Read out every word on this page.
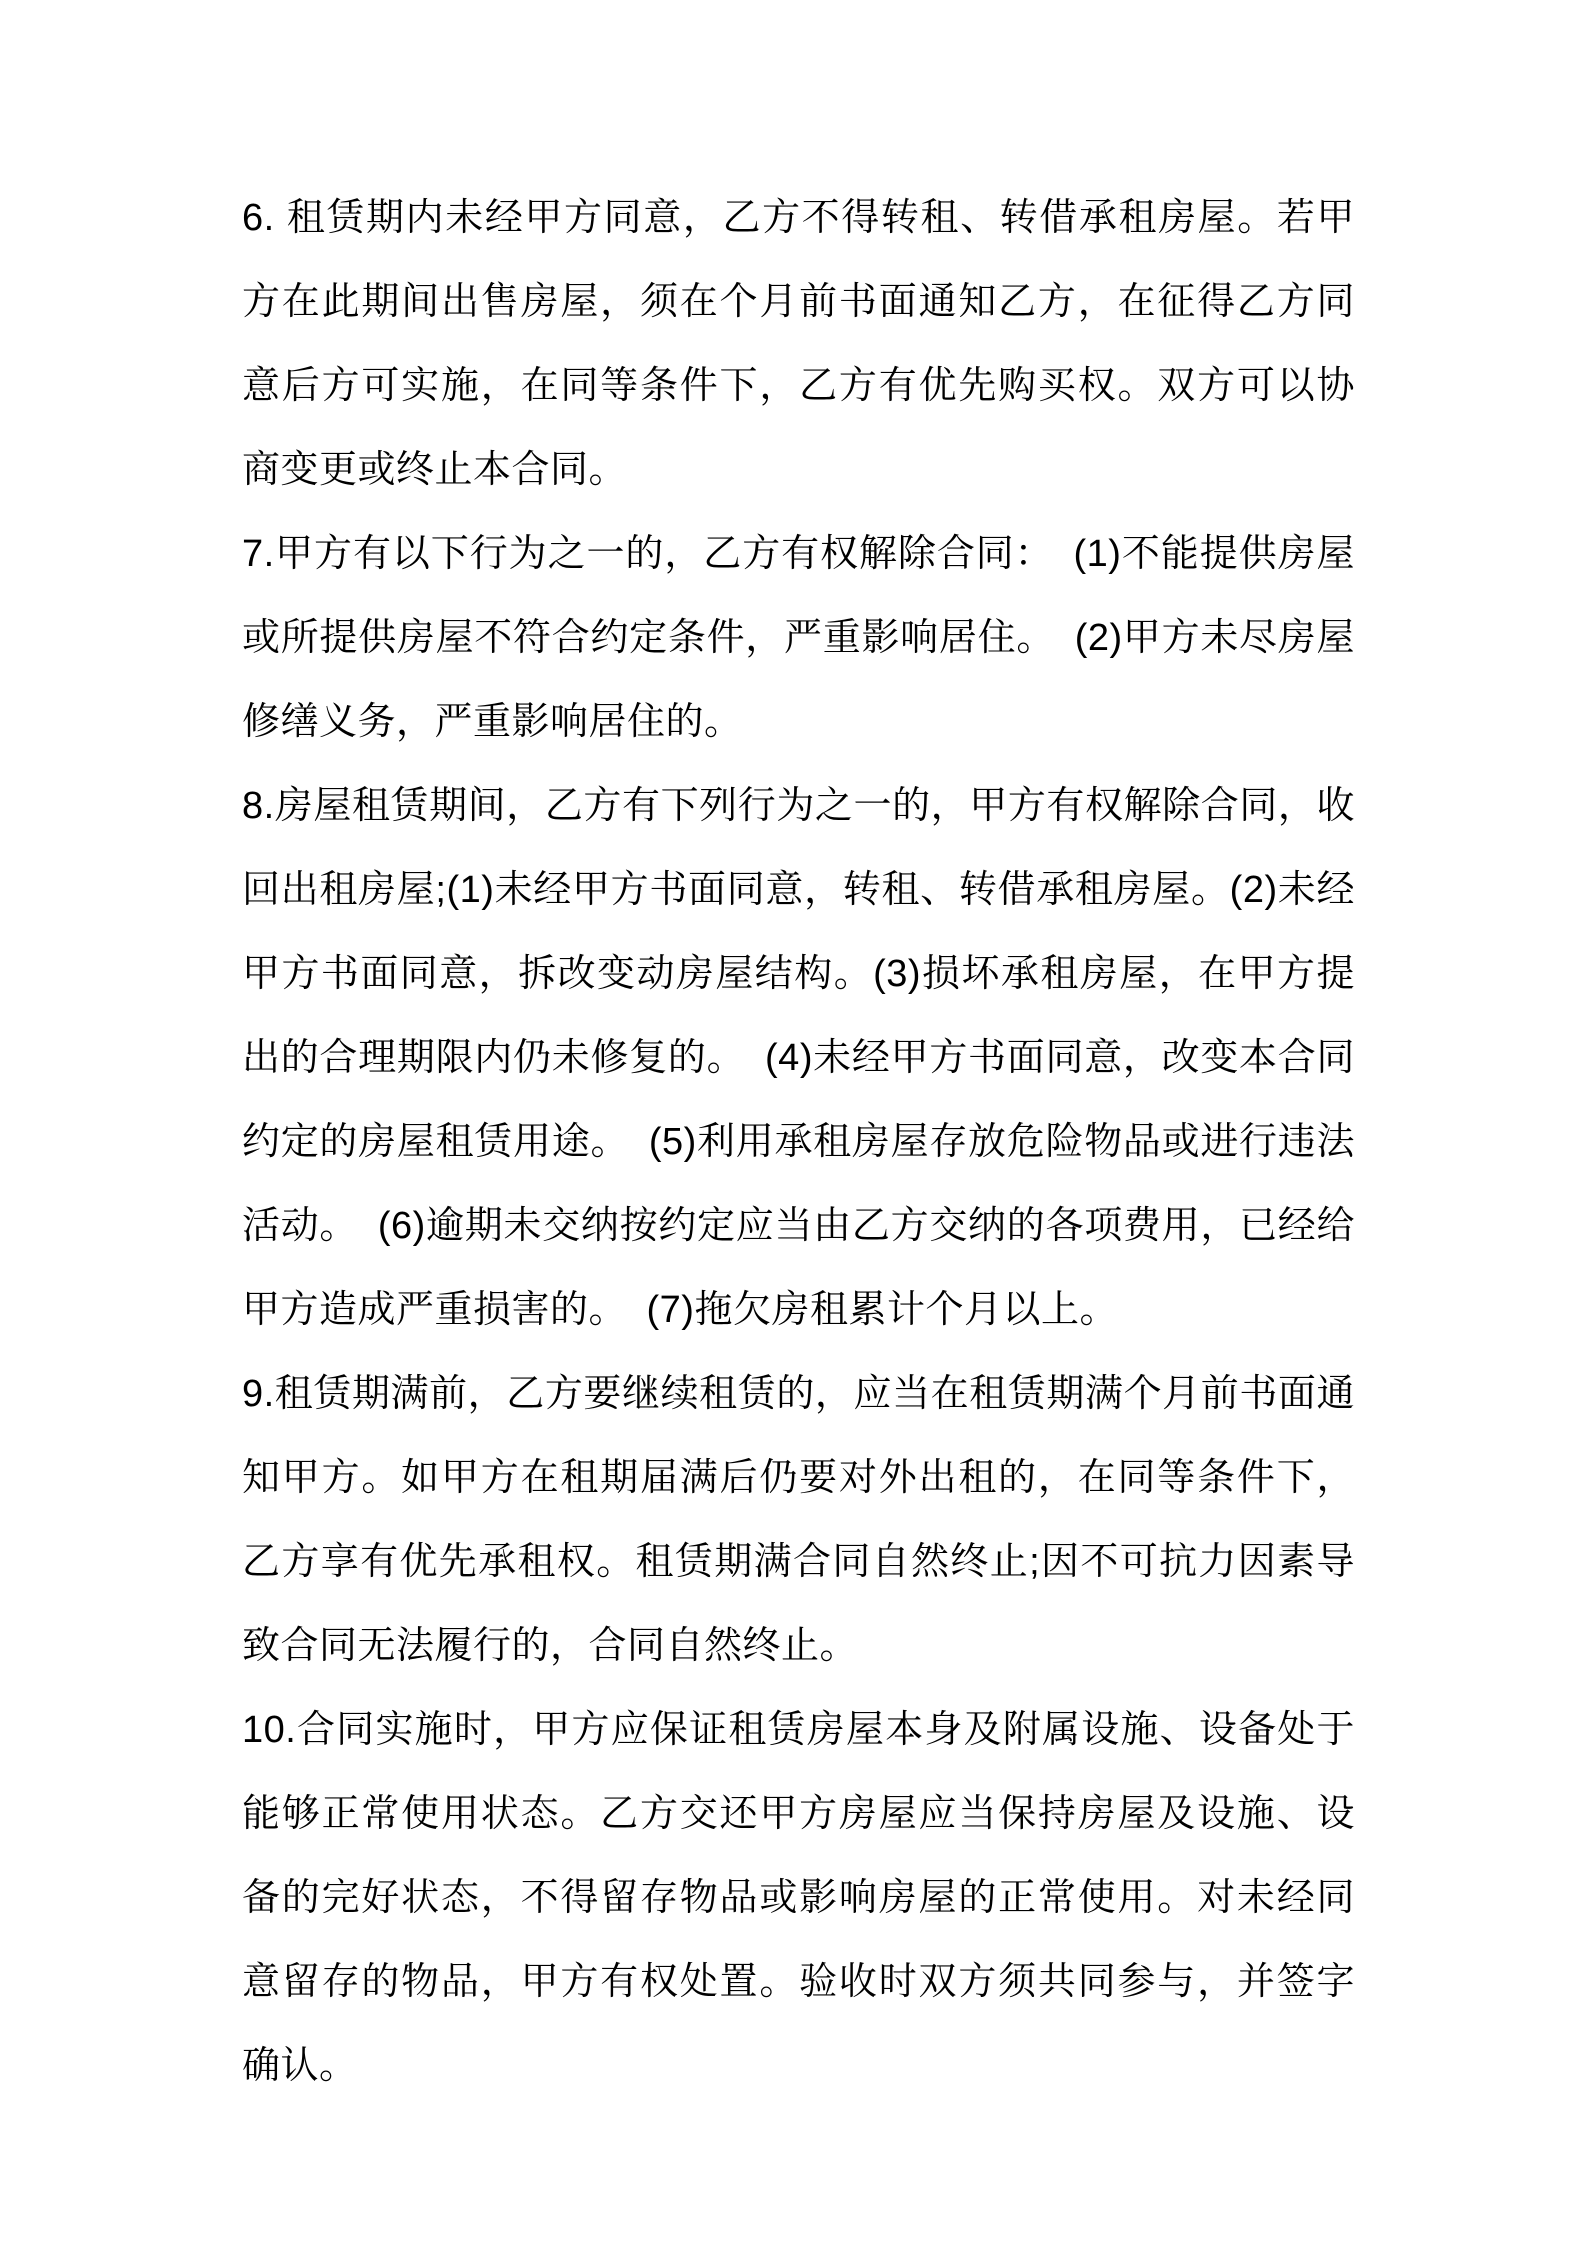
6. 租赁期内未经甲方同意，乙方不得转租、转借承租房屋。若甲方在此期间出售房屋，须在个月前书面通知乙方，在征得乙方同意后方可实施，在同等条件下，乙方有优先购买权。双方可以协商变更或终止本合同。

7.甲方有以下行为之一的，乙方有权解除合同：　(1)不能提供房屋或所提供房屋不符合约定条件，严重影响居住。　(2)甲方未尽房屋修缮义务，严重影响居住的。

8.房屋租赁期间，乙方有下列行为之一的，甲方有权解除合同，收回出租房屋;(1)未经甲方书面同意，转租、转借承租房屋。(2)未经甲方书面同意，拆改变动房屋结构。(3)损坏承租房屋，在甲方提出的合理期限内仍未修复的。　(4)未经甲方书面同意，改变本合同约定的房屋租赁用途。　(5)利用承租房屋存放危险物品或进行违法活动。　(6)逾期未交纳按约定应当由乙方交纳的各项费用，已经给甲方造成严重损害的。　(7)拖欠房租累计个月以上。

9.租赁期满前，乙方要继续租赁的，应当在租赁期满个月前书面通知甲方。如甲方在租期届满后仍要对外出租的，在同等条件下，乙方享有优先承租权。租赁期满合同自然终止;因不可抗力因素导致合同无法履行的，合同自然终止。

10.合同实施时，甲方应保证租赁房屋本身及附属设施、设备处于能够正常使用状态。乙方交还甲方房屋应当保持房屋及设施、设备的完好状态，不得留存物品或影响房屋的正常使用。对未经同意留存的物品，甲方有权处置。验收时双方须共同参与，并签字确认。
